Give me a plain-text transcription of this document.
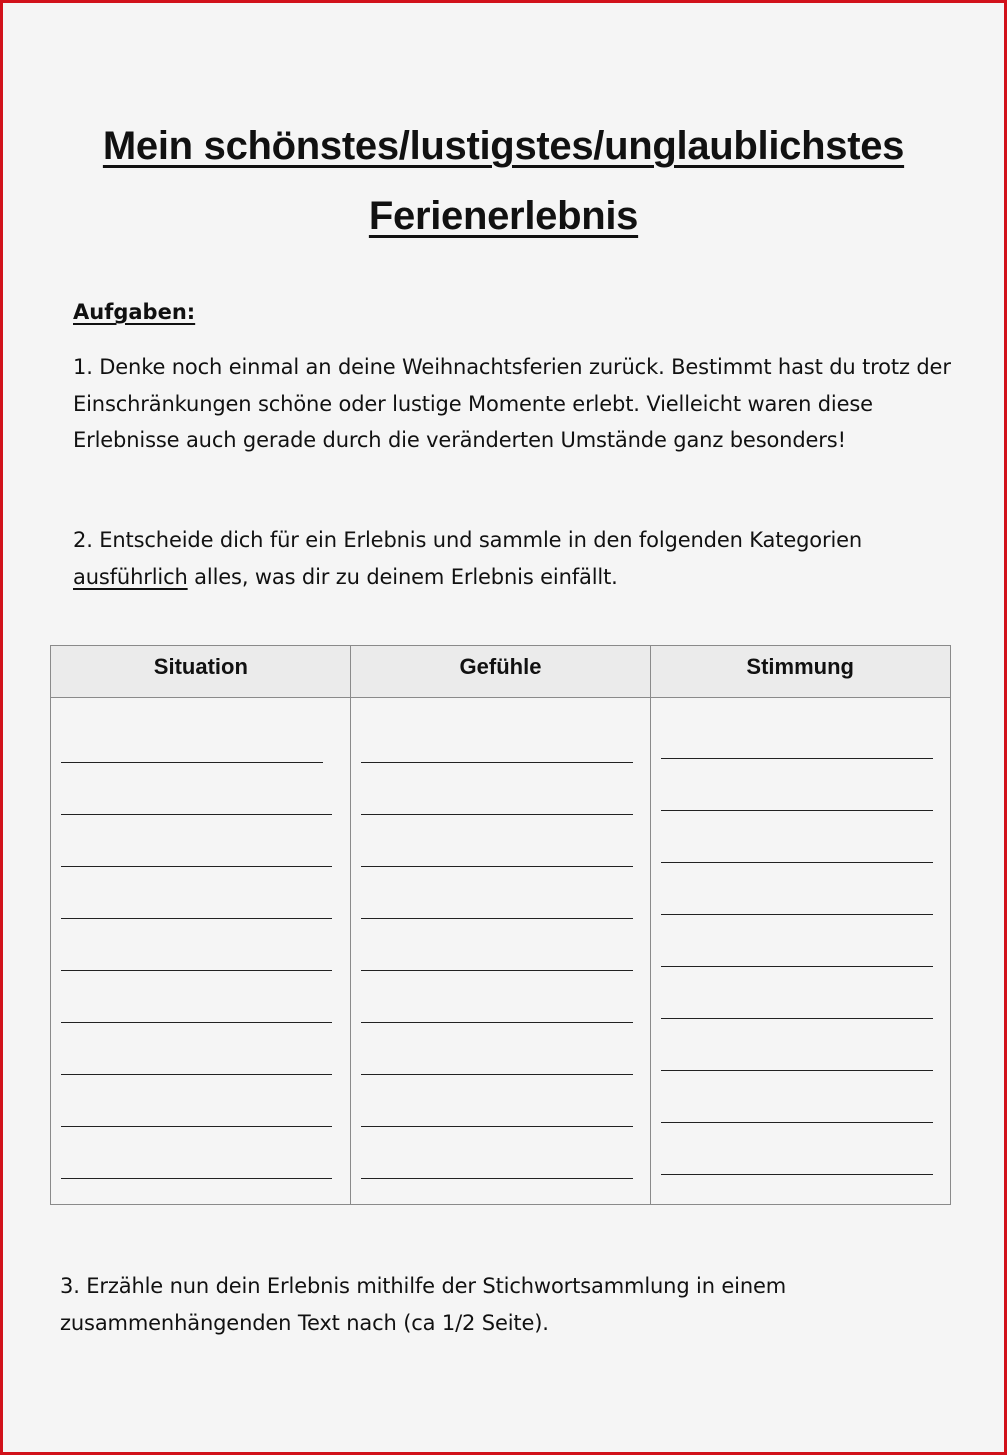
Mein schönstes/lustigstes/unglaublichstes
Ferienerlebnis
Aufgaben:
1. Denke noch einmal an deine Weihnachtsferien zurück. Bestimmt hast du trotz der Einschränkungen schöne oder lustige Momente erlebt. Vielleicht waren diese Erlebnisse auch gerade durch die veränderten Umstände ganz besonders!
2. Entscheide dich für ein Erlebnis und sammle in den folgenden Kategorien ausführlich alles, was dir zu deinem Erlebnis einfällt.
Situation	Gefühle	Stimmung
3. Erzähle nun dein Erlebnis mithilfe der Stichwortsammlung in einem zusammenhängenden Text nach (ca 1/2 Seite).
